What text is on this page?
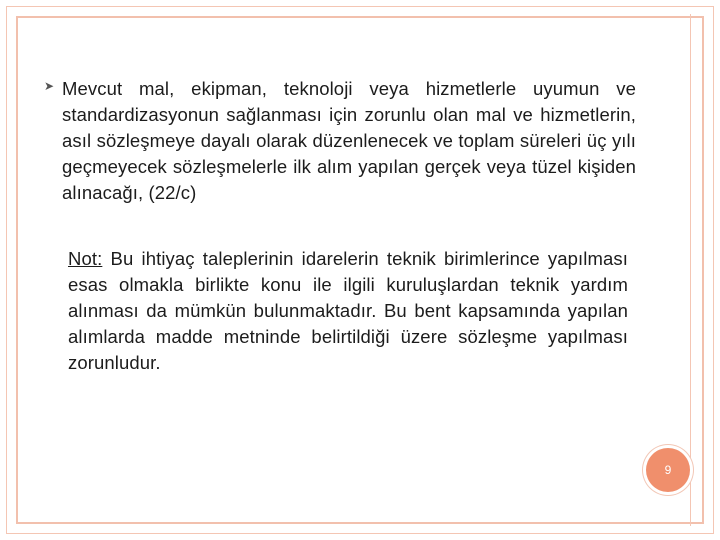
➤ Mevcut mal, ekipman, teknoloji veya hizmetlerle uyumun ve standardizasyonun sağlanması için zorunlu olan mal ve hizmetlerin, asıl sözleşmeye dayalı olarak düzenlenecek ve toplam süreleri üç yılı geçmeyecek sözleşmelerle ilk alım yapılan gerçek veya tüzel kişiden alınacağı, (22/c)

Not: Bu ihtiyaç taleplerinin idarelerin teknik birimlerince yapılması esas olmakla birlikte konu ile ilgili kuruluşlardan teknik yardım alınması da mümkün bulunmaktadır. Bu bent kapsamında yapılan alımlarda madde metninde belirtildiği üzere sözleşme yapılması zorunludur.

9
